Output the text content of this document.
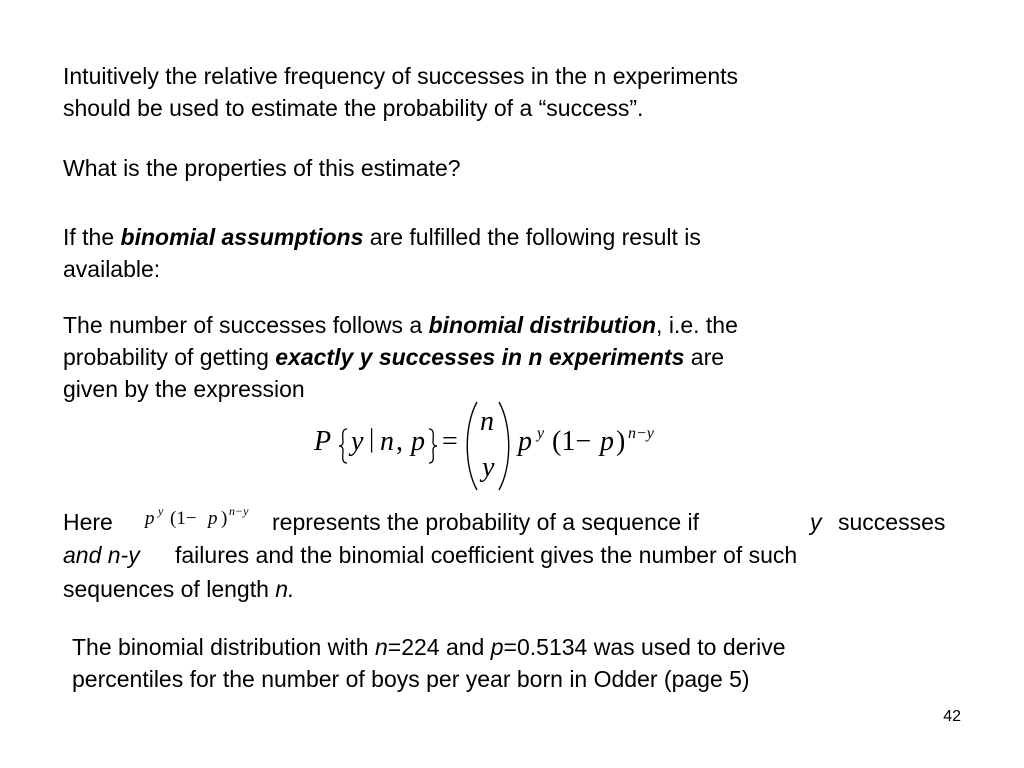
Intuitively the relative frequency of successes in the n experiments
should be used to estimate the probability of a “success”.

What is the properties of this estimate?

If the binomial assumptions are fulfilled the following result is
available:

The number of successes follows a binomial distribution, i.e. the
probability of getting exactly y successes in n experiments are
given by the expression

P y | n , p =
n
y
p y (1− p ) n−y
Here p y (1− p ) n−y represents the probability of a sequence if	y successes
and n-y failures and the binomial coefficient gives the number of such

sequences of length n.

The binomial distribution with n=224 and p=0.5134 was used to derive
percentiles for the number of boys per year born in Odder (page 5)

42
